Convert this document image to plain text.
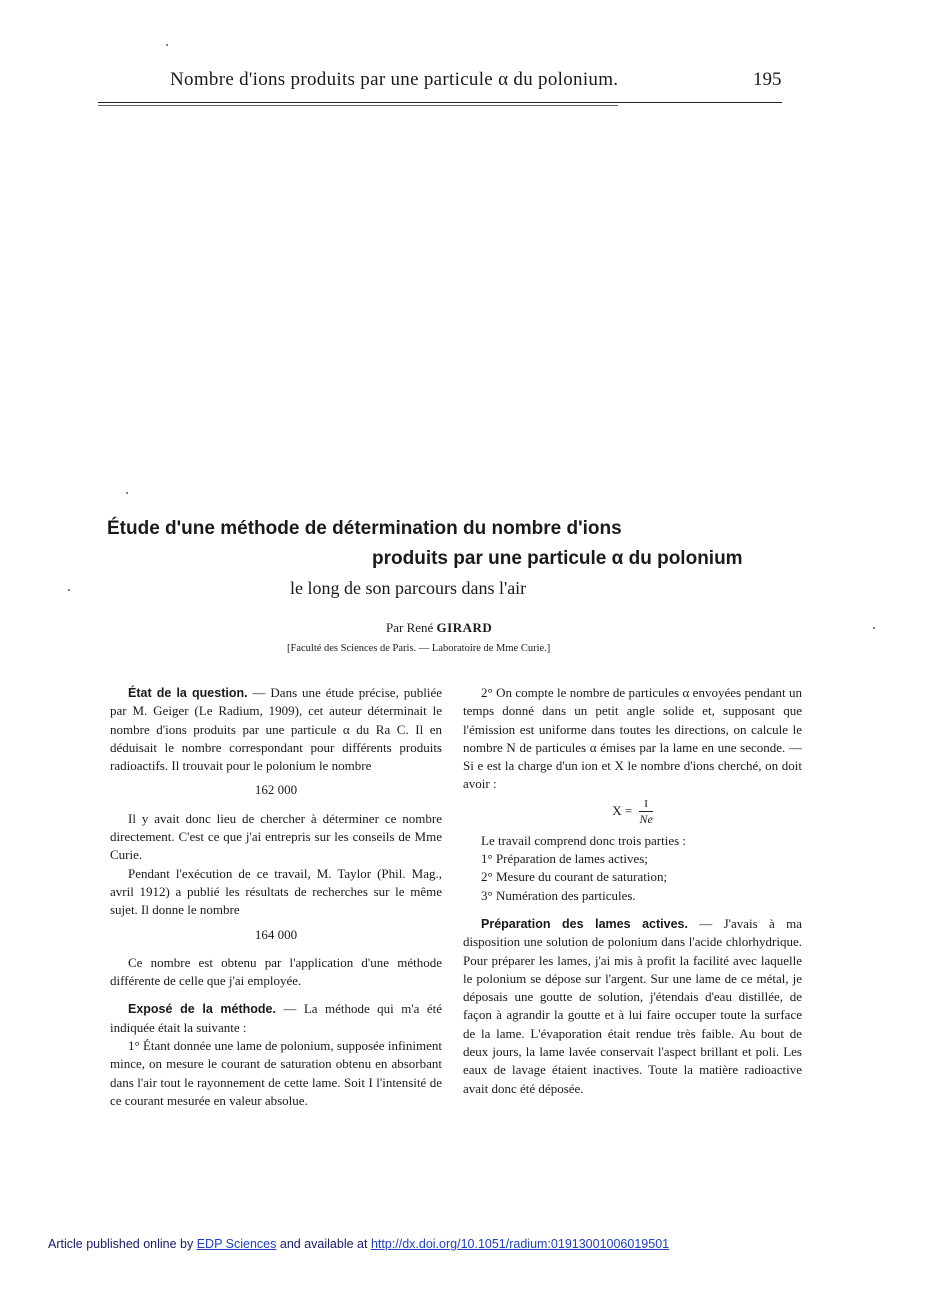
Nombre d'ions produits par une particule α du polonium.	195
Étude d'une méthode de détermination du nombre d'ions
produits par une particule α du polonium
le long de son parcours dans l'air
Par René GIRARD
[Faculté des Sciences de Paris. — Laboratoire de Mme Curie.]

État de la question. — Dans une étude précise, publiée par M. Geiger (Le Radium, 1909), cet auteur déterminait le nombre d'ions produits par une particule α du Ra C. Il en déduisait le nombre correspondant pour différents produits radioactifs. Il trouvait pour le polonium le nombre

162 000

Il y avait donc lieu de chercher à déterminer ce nombre directement. C'est ce que j'ai entrepris sur les conseils de Mme Curie.

Pendant l'exécution de ce travail, M. Taylor (Phil. Mag., avril 1912) a publié les résultats de recherches sur le même sujet. Il donne le nombre

164 000

Ce nombre est obtenu par l'application d'une méthode différente de celle que j'ai employée.

Exposé de la méthode. — La méthode qui m'a été indiquée était la suivante :

1° Étant donnée une lame de polonium, supposée infiniment mince, on mesure le courant de saturation obtenu en absorbant dans l'air tout le rayonnement de cette lame. Soit I l'intensité de ce courant mesurée en valeur absolue.

2° On compte le nombre de particules α envoyées pendant un temps donné dans un petit angle solide et, supposant que l'émission est uniforme dans toutes les directions, on calcule le nombre N de particules α émises par la lame en une seconde. — Si e est la charge d'un ion et X le nombre d'ions cherché, on doit avoir :

$X = \frac{I}{Ne}$

Le travail comprend donc trois parties :

1° Préparation de lames actives;

2° Mesure du courant de saturation;

3° Numération des particules.

Préparation des lames actives. — J'avais à ma disposition une solution de polonium dans l'acide chlorhydrique. Pour préparer les lames, j'ai mis à profit la facilité avec laquelle le polonium se dépose sur l'argent. Sur une lame de ce métal, je déposais une goutte de solution, j'étendais d'eau distillée, de façon à agrandir la goutte et à lui faire occuper toute la surface de la lame. L'évaporation était rendue très faible. Au bout de deux jours, la lame lavée conservait l'aspect brillant et poli. Les eaux de lavage étaient inactives. Toute la matière radioactive avait donc été déposée.

Article published online by EDP Sciences and available at http://dx.doi.org/10.1051/radium:01913001006019501
